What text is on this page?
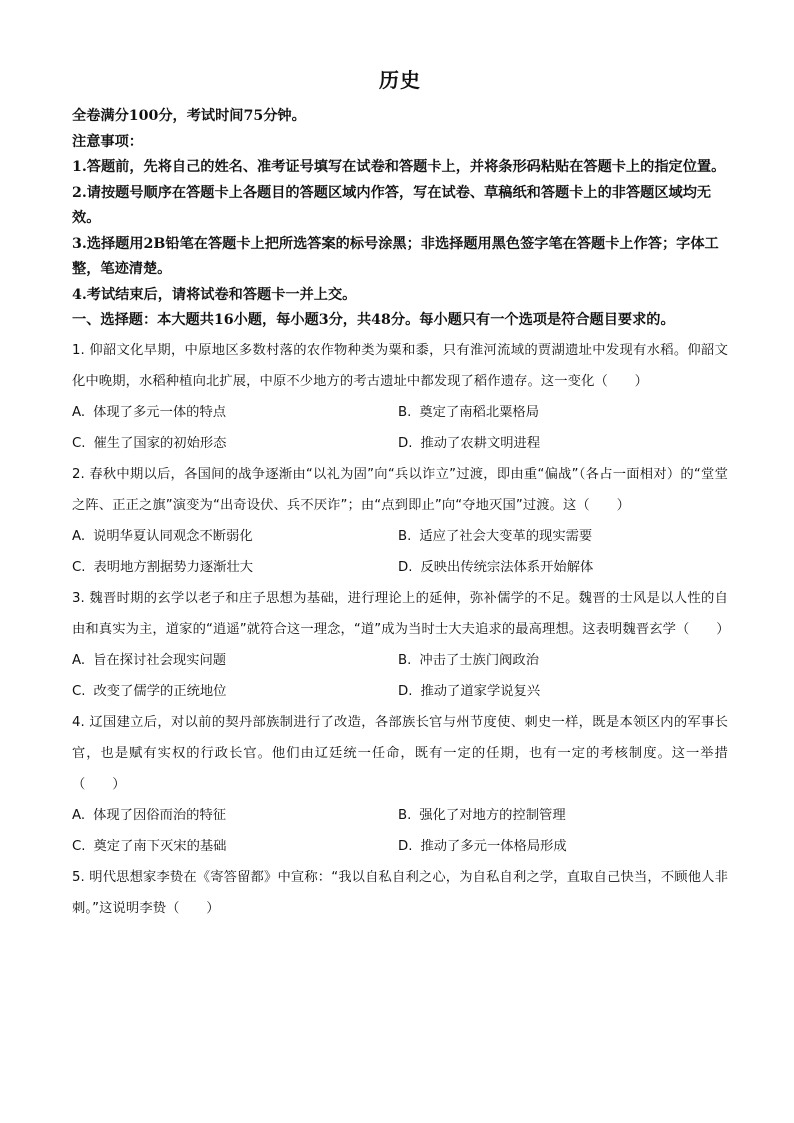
历史

全卷满分100分，考试时间75分钟。

注意事项：

1.答题前，先将自己的姓名、准考证号填写在试卷和答题卡上，并将条形码粘贴在答题卡上的指定位置。

2.请按题号顺序在答题卡上各题目的答题区域内作答，写在试卷、草稿纸和答题卡上的非答题区域均无效。

3.选择题用2B铅笔在答题卡上把所选答案的标号涂黑；非选择题用黑色签字笔在答题卡上作答；字体工整，笔迹清楚。

4.考试结束后，请将试卷和答题卡一并上交。

一、选择题：本大题共16小题，每小题3分，共48分。每小题只有一个选项是符合题目要求的。

1. 仰韶文化早期，中原地区多数村落的农作物种类为粟和黍，只有淮河流域的贾湖遗址中发现有水稻。仰韶文化中晚期，水稻种植向北扩展，中原不少地方的考古遗址中都发现了稻作遗存。这一变化（　　）

A. 体现了多元一体的特点	B. 奠定了南稻北粟格局
C. 催生了国家的初始形态	D. 推动了农耕文明进程

2. 春秋中期以后，各国间的战争逐渐由“以礼为固”向“兵以诈立”过渡，即由重“偏战”（各占一面相对）的“堂堂之阵、正正之旗”演变为“出奇设伏、兵不厌诈”；由“点到即止”向“夺地灭国”过渡。这（　　）

A. 说明华夏认同观念不断弱化	B. 适应了社会大变革的现实需要
C. 表明地方割据势力逐渐壮大	D. 反映出传统宗法体系开始解体

3. 魏晋时期的玄学以老子和庄子思想为基础，进行理论上的延伸，弥补儒学的不足。魏晋的士风是以人性的自由和真实为主，道家的“逍遥”就符合这一理念，“道”成为当时士大夫追求的最高理想。这表明魏晋玄学（　　）

A. 旨在探讨社会现实问题	B. 冲击了士族门阀政治
C. 改变了儒学的正统地位	D. 推动了道家学说复兴

4. 辽国建立后，对以前的契丹部族制进行了改造，各部族长官与州节度使、刺史一样，既是本领区内的军事长官，也是赋有实权的行政长官。他们由辽廷统一任命，既有一定的任期，也有一定的考核制度。这一举措（　　）

A. 体现了因俗而治的特征	B. 强化了对地方的控制管理
C. 奠定了南下灭宋的基础	D. 推动了多元一体格局形成

5. 明代思想家李贽在《寄答留都》中宣称：“我以自私自利之心，为自私自利之学，直取自己快当，不顾他人非刺。”这说明李贽（　　）
